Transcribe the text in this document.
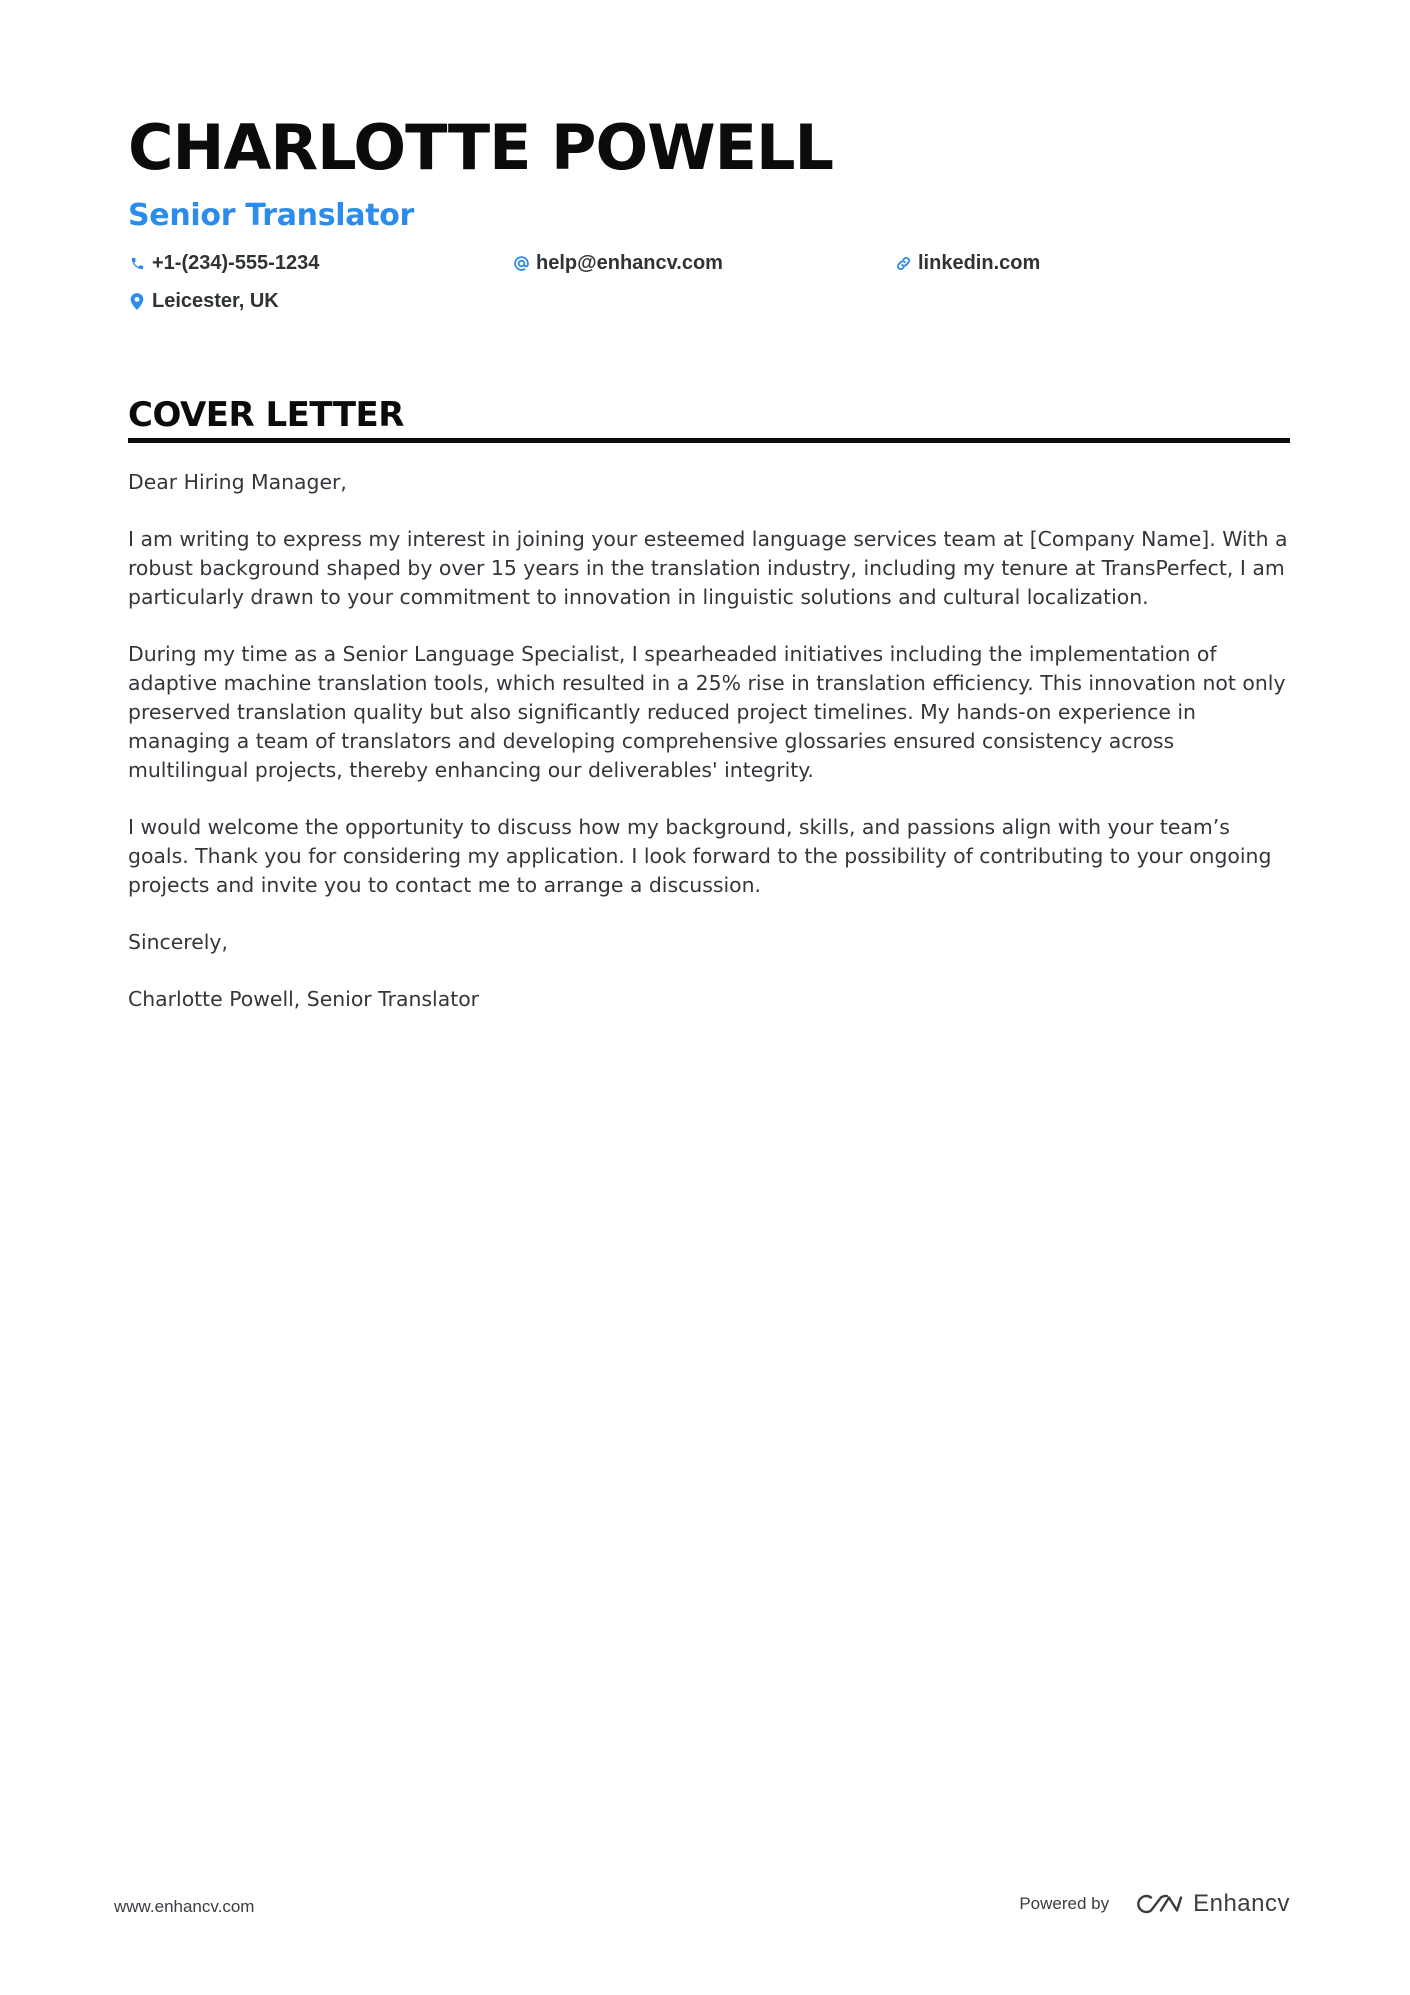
CHARLOTTE POWELL
Senior Translator
+1-(234)-555-1234	help@enhancv.com	linkedin.com
Leicester, UK
COVER LETTER

Dear Hiring Manager,

I am writing to express my interest in joining your esteemed language services team at [Company Name]. With a robust background shaped by over 15 years in the translation industry, including my tenure at TransPerfect, I am particularly drawn to your commitment to innovation in linguistic solutions and cultural localization.

During my time as a Senior Language Specialist, I spearheaded initiatives including the implementation of adaptive machine translation tools, which resulted in a 25% rise in translation efficiency. This innovation not only preserved translation quality but also significantly reduced project timelines. My hands-on experience in managing a team of translators and developing comprehensive glossaries ensured consistency across multilingual projects, thereby enhancing our deliverables' integrity.

I would welcome the opportunity to discuss how my background, skills, and passions align with your team’s goals. Thank you for considering my application. I look forward to the possibility of contributing to your ongoing projects and invite you to contact me to arrange a discussion.

Sincerely,

Charlotte Powell, Senior Translator

www.enhancv.com	Powered by	Enhancv
